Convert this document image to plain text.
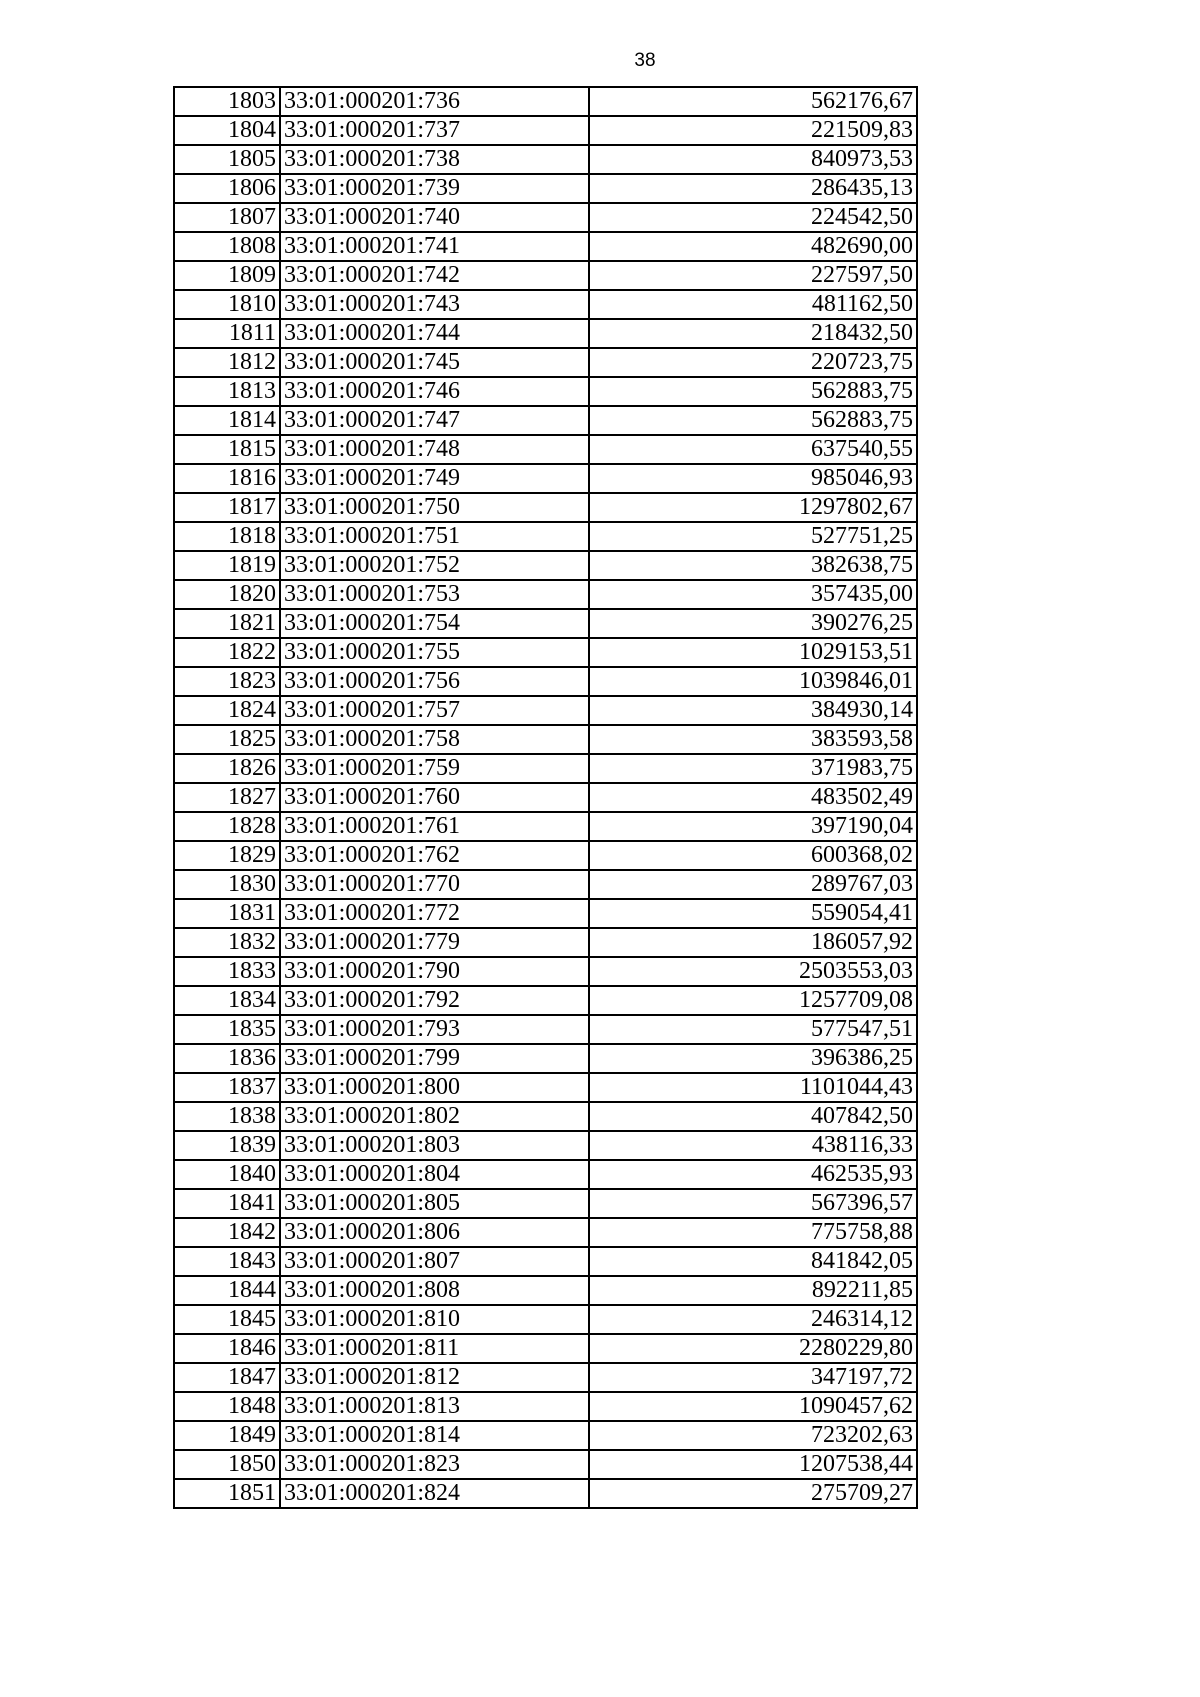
38
1803	33:01:000201:736	562176,67
1804	33:01:000201:737	221509,83
1805	33:01:000201:738	840973,53
1806	33:01:000201:739	286435,13
1807	33:01:000201:740	224542,50
1808	33:01:000201:741	482690,00
1809	33:01:000201:742	227597,50
1810	33:01:000201:743	481162,50
1811	33:01:000201:744	218432,50
1812	33:01:000201:745	220723,75
1813	33:01:000201:746	562883,75
1814	33:01:000201:747	562883,75
1815	33:01:000201:748	637540,55
1816	33:01:000201:749	985046,93
1817	33:01:000201:750	1297802,67
1818	33:01:000201:751	527751,25
1819	33:01:000201:752	382638,75
1820	33:01:000201:753	357435,00
1821	33:01:000201:754	390276,25
1822	33:01:000201:755	1029153,51
1823	33:01:000201:756	1039846,01
1824	33:01:000201:757	384930,14
1825	33:01:000201:758	383593,58
1826	33:01:000201:759	371983,75
1827	33:01:000201:760	483502,49
1828	33:01:000201:761	397190,04
1829	33:01:000201:762	600368,02
1830	33:01:000201:770	289767,03
1831	33:01:000201:772	559054,41
1832	33:01:000201:779	186057,92
1833	33:01:000201:790	2503553,03
1834	33:01:000201:792	1257709,08
1835	33:01:000201:793	577547,51
1836	33:01:000201:799	396386,25
1837	33:01:000201:800	1101044,43
1838	33:01:000201:802	407842,50
1839	33:01:000201:803	438116,33
1840	33:01:000201:804	462535,93
1841	33:01:000201:805	567396,57
1842	33:01:000201:806	775758,88
1843	33:01:000201:807	841842,05
1844	33:01:000201:808	892211,85
1845	33:01:000201:810	246314,12
1846	33:01:000201:811	2280229,80
1847	33:01:000201:812	347197,72
1848	33:01:000201:813	1090457,62
1849	33:01:000201:814	723202,63
1850	33:01:000201:823	1207538,44
1851	33:01:000201:824	275709,27
